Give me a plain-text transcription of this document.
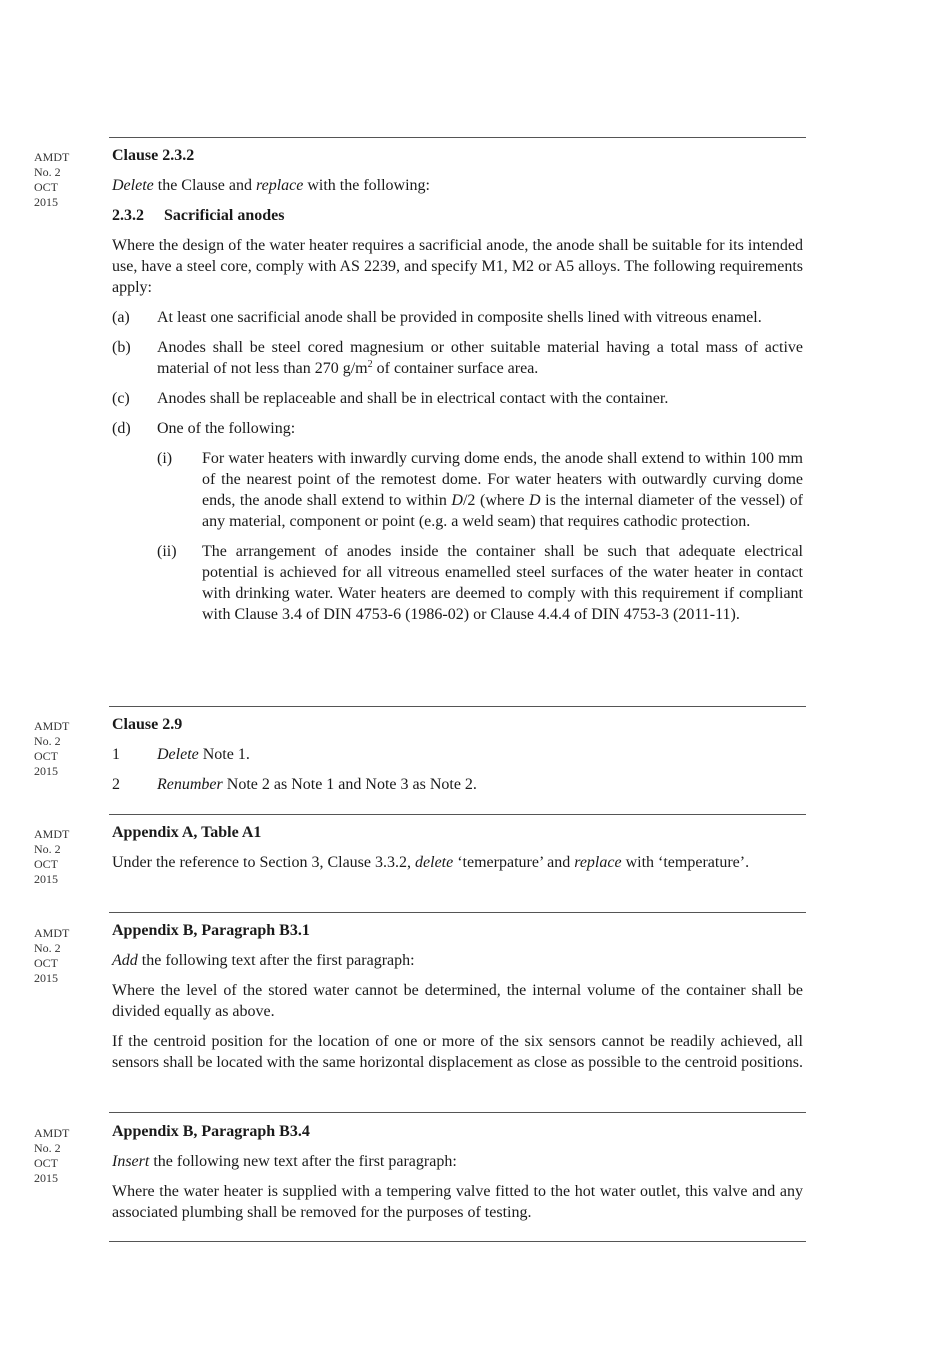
AMDT
No. 2
OCT
2015
Clause 2.3.2

Delete the Clause and replace with the following:

2.3.2 Sacrificial anodes

Where the design of the water heater requires a sacrificial anode, the anode shall be suitable for its intended use, have a steel core, comply with AS 2239, and specify M1, M2 or A5 alloys. The following requirements apply:

(a) At least one sacrificial anode shall be provided in composite shells lined with vitreous enamel.
(b) Anodes shall be steel cored magnesium or other suitable material having a total mass of active material of not less than 270 $g/m^2$ of container surface area.
(c) Anodes shall be replaceable and shall be in electrical contact with the container.
(d) One of the following:
(i) For water heaters with inwardly curving dome ends, the anode shall extend to within 100 mm of the nearest point of the remotest dome. For water heaters with outwardly curving dome ends, the anode shall extend to within D/2 (where D is the internal diameter of the vessel) of any material, component or point (e.g. a weld seam) that requires cathodic protection.
(ii) The arrangement of anodes inside the container shall be such that adequate electrical potential is achieved for all vitreous enamelled steel surfaces of the water heater in contact with drinking water. Water heaters are deemed to comply with this requirement if compliant with Clause 3.4 of DIN 4753-6 (1986-02) or Clause 4.4.4 of DIN 4753-3 (2011-11).
AMDT
No. 2
OCT
2015
Clause 2.9
1 Delete Note 1.
2 Renumber Note 2 as Note 1 and Note 3 as Note 2.
AMDT
No. 2
OCT
2015
Appendix A, Table A1

Under the reference to Section 3, Clause 3.3.2, delete ‘temerpature’ and replace with ‘temperature’.

AMDT
No. 2
OCT
2015
Appendix B, Paragraph B3.1

Add the following text after the first paragraph:

Where the level of the stored water cannot be determined, the internal volume of the container shall be divided equally as above.

If the centroid position for the location of one or more of the six sensors cannot be readily achieved, all sensors shall be located with the same horizontal displacement as close as possible to the centroid positions.

AMDT
No. 2
OCT
2015
Appendix B, Paragraph B3.4

Insert the following new text after the first paragraph:

Where the water heater is supplied with a tempering valve fitted to the hot water outlet, this valve and any associated plumbing shall be removed for the purposes of testing.
